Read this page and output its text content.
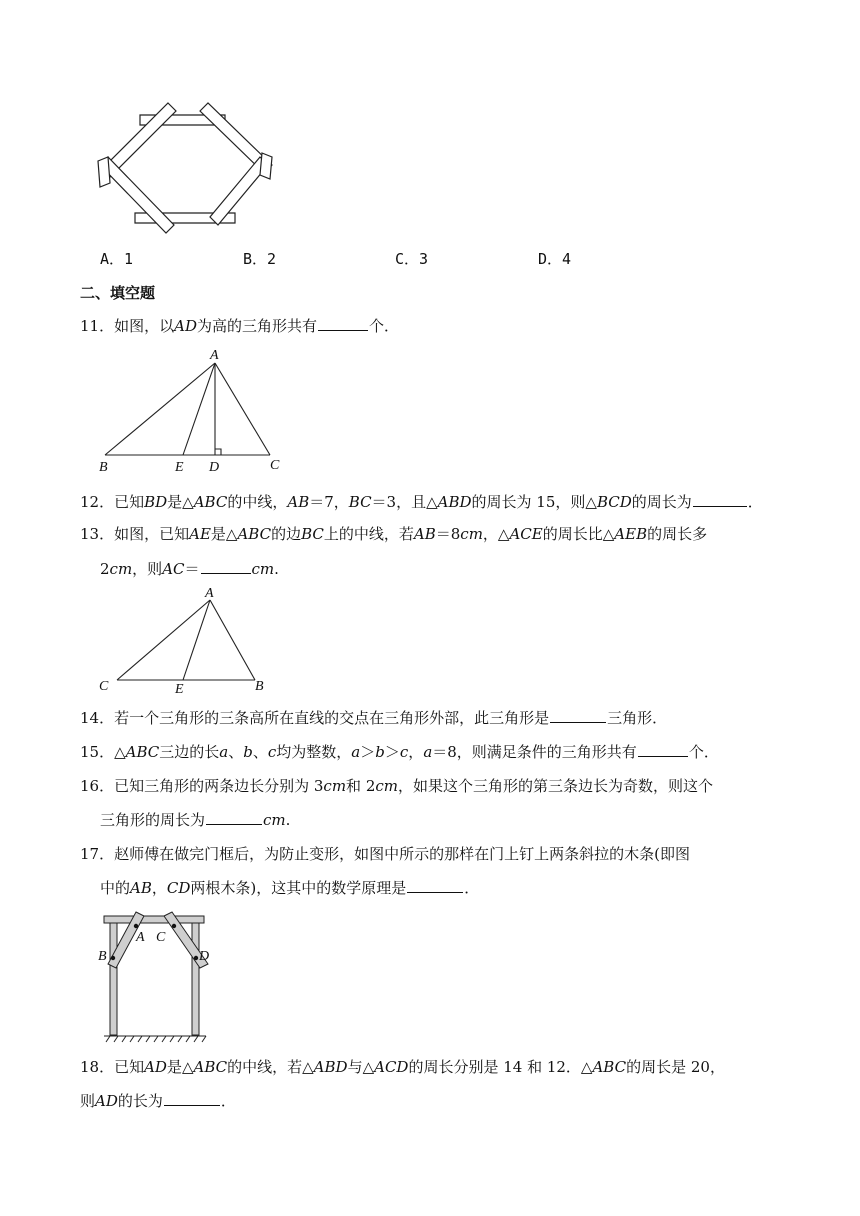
A．1	B．2	C．3	D．4
二、填空题
11．如图，以AD为高的三角形共有	个．
A
B	E D	C
12．已知BD是△ABC的中线，AB＝7，BC＝3，且△ABD的周长为 15，则△BCD的周长为	．
13．如图，已知AE是△ABC的边BC上的中线，若AB＝8cm，△ACE的周长比△AEB的周长多
2cm，则AC＝	cm.
A
C	E	B
14．若一个三角形的三条高所在直线的交点在三角形外部，此三角形是	三角形．
15．△ABC三边的长a、b、c均为整数，a＞b＞c，a＝8，则满足条件的三角形共有	个．
16．已知三角形的两条边长分别为 3cm和 2cm，如果这个三角形的第三条边长为奇数，则这个
三角形的周长为	cm.
17．赵师傅在做完门框后，为防止变形，如图中所示的那样在门上钉上两条斜拉的木条(即图
中的AB，CD两根木条)，这其中的数学原理是	．
A
B
C
D
18．已知AD是△ABC的中线，若△ABD与△ACD的周长分别是 14 和 12．△ABC的周长是 20，
则AD的长为	．
